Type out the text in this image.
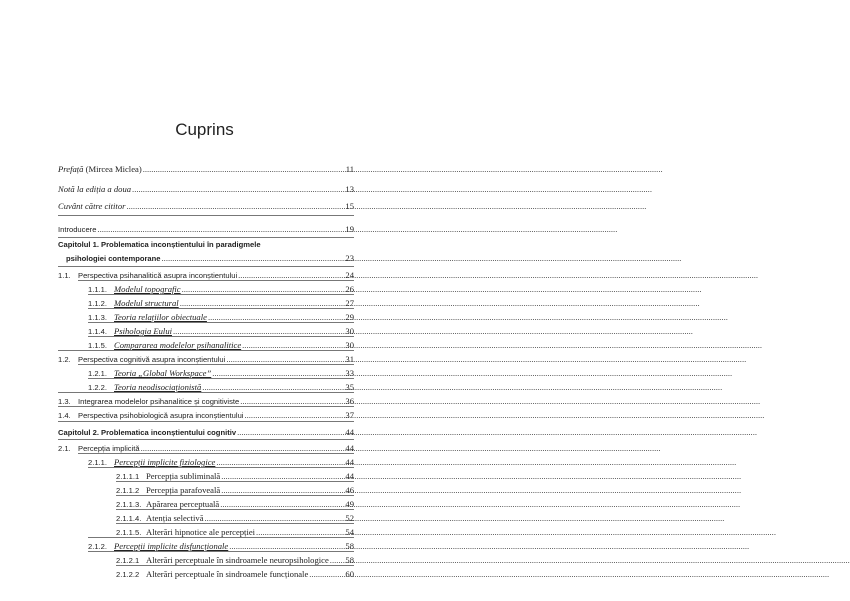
Cuprins
Prefață (Mircea Miclea) .....	11
Notă la ediția a doua .....	13
Cuvânt către cititor .....	15
Introducere .....	19
Capitolul 1. Problematica inconștientului în paradigmele
psihologiei contemporane .....	23
1.1. Perspectiva psihanalitică asupra inconștientului .....	24
1.1.1. Modelul topografic .....	26
1.1.2. Modelul structural .....	27
1.1.3. Teoria relațiilor obiectuale .....	29
1.1.4. Psihologia Eului .....	30
1.1.5. Compararea modelelor psihanalitice .....	30
1.2. Perspectiva cognitivă asupra inconștientului .....	31
1.2.1. Teoria „Global Workspace” .....	33
1.2.2. Teoria neodisociaționistă .....	35
1.3. Integrarea modelelor psihanalitice și cognitiviste .....	36
1.4. Perspectiva psihobiologică asupra inconștientului .....	37
Capitolul 2. Problematica inconștientului cognitiv .....	44
2.1. Percepția implicită .....	44
2.1.1. Percepții implicite fiziologice .....	44
2.1.1.1 Percepția subliminală .....	44
2.1.1.2 Percepția parafoveală .....	46
2.1.1.3. Apărarea perceptuală .....	49
2.1.1.4. Atenția selectivă .....	52
2.1.1.5. Alterări hipnotice ale percepției .....	54
2.1.2. Percepții implicite disfuncționale .....	58
2.1.2.1 Alterări perceptuale în sindroamele neuropsihologice ..... 58
2.1.2.2 Alterări perceptuale în sindroamele funcționale .....	60
